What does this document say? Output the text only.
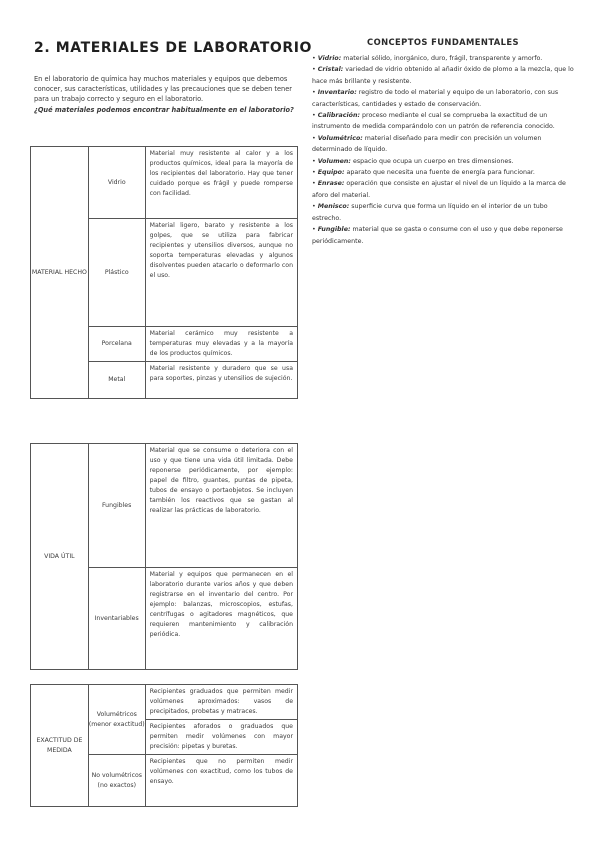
2. MATERIALES DE LABORATORIO
En el laboratorio de química hay muchos materiales y equipos que debemos conocer, sus características, utilidades y las precauciones que se deben tener para un trabajo correcto y seguro en el laboratorio.
¿Qué materiales podemos encontrar habitualmente en el laboratorio?
CONCEPTOS FUNDAMENTALES
• Vidrio: material sólido, inorgánico, duro, frágil, transparente y amorfo.
• Cristal: variedad de vidrio obtenido al añadir óxido de plomo a la mezcla, que lo hace más brillante y resistente.
• Inventario: registro de todo el material y equipo de un laboratorio, con sus características, cantidades y estado de conservación.
• Calibración: proceso mediante el cual se comprueba la exactitud de un instrumento de medida comparándolo con un patrón de referencia conocido.
• Volumétrico: material diseñado para medir con precisión un volumen determinado de líquido.
• Volumen: espacio que ocupa un cuerpo en tres dimensiones.
• Equipo: aparato que necesita una fuente de energía para funcionar.
• Enrase: operación que consiste en ajustar el nivel de un líquido a la marca de aforo del material.
• Menisco: superficie curva que forma un líquido en el interior de un tubo estrecho.
• Fungible: material que se gasta o consume con el uso y que debe reponerse periódicamente.
MATERIAL HECHO	Vidrio	Material muy resistente al calor y a los productos químicos, ideal para la mayoría de los recipientes del laboratorio. Hay que tener cuidado porque es frágil y puede romperse con facilidad.
	Plástico	Material ligero, barato y resistente a los golpes, que se utiliza para fabricar recipientes y utensilios diversos, aunque no soporta temperaturas elevadas y algunos disolventes pueden atacarlo o deformarlo con el uso.
	Porcelana	Material cerámico muy resistente a temperaturas muy elevadas y a la mayoría de los productos químicos.
	Metal	Material resistente y duradero que se usa para soportes, pinzas y utensilios de sujeción.
VIDA ÚTIL	Fungibles	Material que se consume o deteriora con el uso y que tiene una vida útil limitada. Debe reponerse periódicamente, por ejemplo: papel de filtro, guantes, puntas de pipeta, tubos de ensayo o portaobjetos. Se incluyen también los reactivos que se gastan al realizar las prácticas de laboratorio.
	Inventariables	Material y equipos que permanecen en el laboratorio durante varios años y que deben registrarse en el inventario del centro. Por ejemplo: balanzas, microscopios, estufas, centrífugas o agitadores magnéticos, que requieren mantenimiento y calibración periódica.
EXACTITUD DE MEDIDA	Volumétricos (menor exactitud)	Recipientes graduados que permiten medir volúmenes aproximados: vasos de precipitados, probetas y matraces.
		Recipientes aforados o graduados que permiten medir volúmenes con mayor precisión: pipetas y buretas.
	No volumétricos (no exactos)	Recipientes que no permiten medir volúmenes con exactitud, como los tubos de ensayo.
